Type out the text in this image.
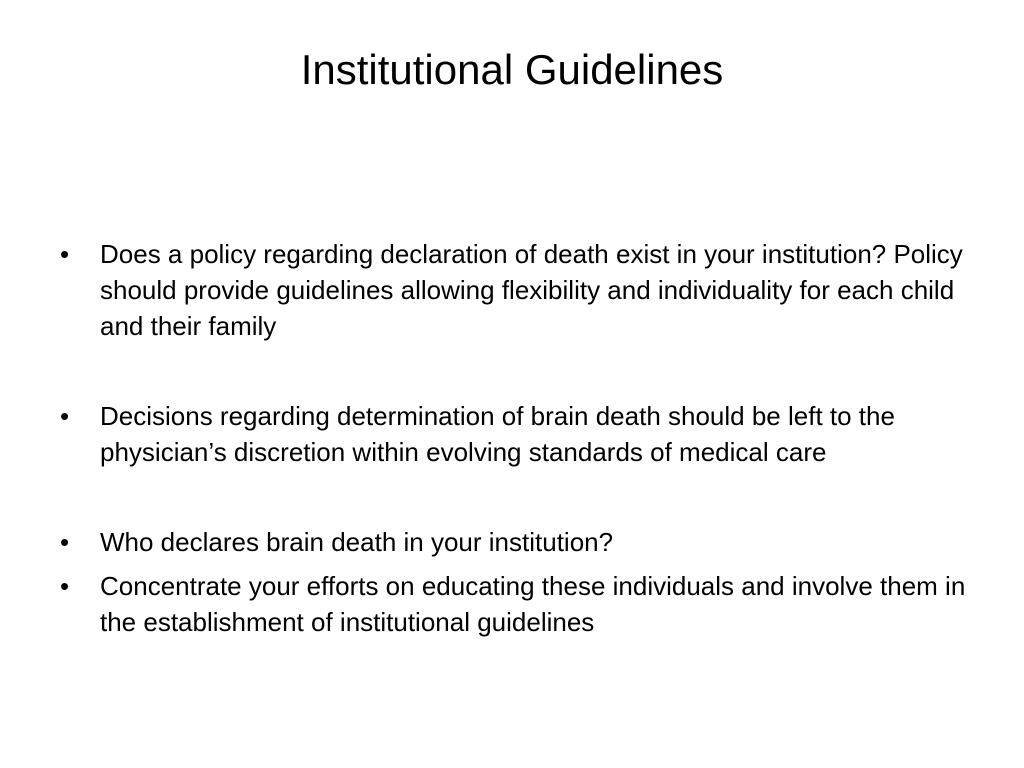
Institutional Guidelines
•	Does a policy regarding declaration of death exist in your institution? Policy should provide guidelines allowing flexibility and individuality for each child and their family
•	Decisions regarding determination of brain death should be left to the physician’s discretion within evolving standards of medical care
•	Who declares brain death in your institution?
•	Concentrate your efforts on educating these individuals and involve them in the establishment of institutional guidelines
